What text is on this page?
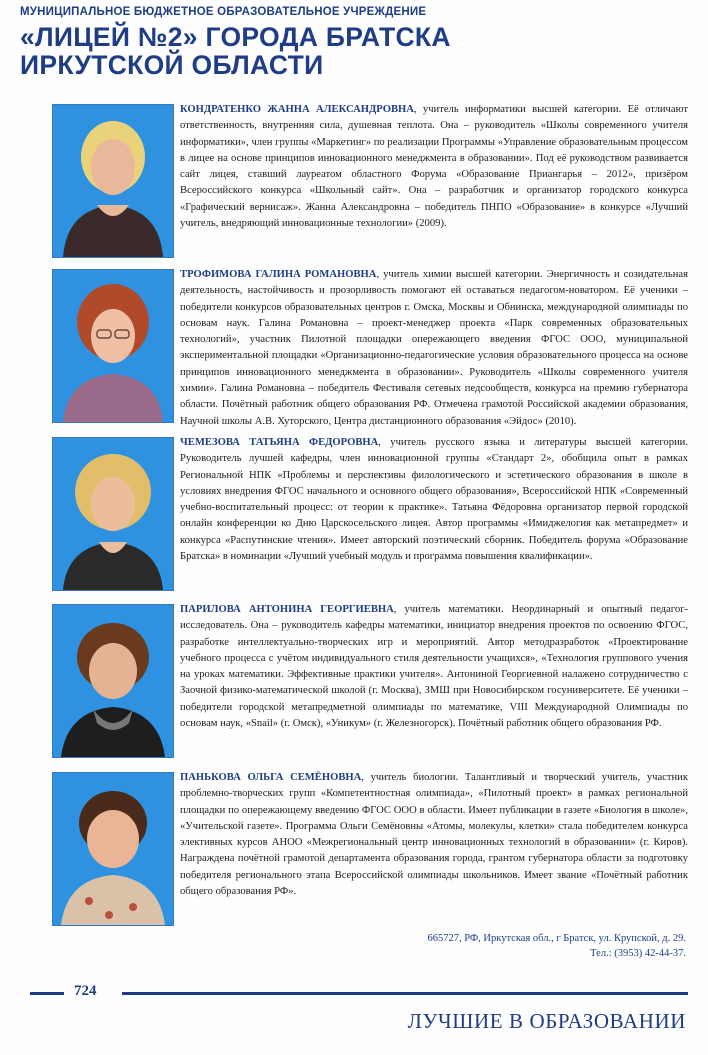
МУНИЦИПАЛЬНОЕ БЮДЖЕТНОЕ ОБРАЗОВАТЕЛЬНОЕ УЧРЕЖДЕНИЕ
«ЛИЦЕЙ №2» ГОРОДА БРАТСКА
ИРКУТСКОЙ ОБЛАСТИ
КОНДРАТЕНКО ЖАННА АЛЕКСАНДРОВНА, учитель информатики высшей категории. Её отличают ответственность, внутренняя сила, душевная теплота. Она – руководитель «Школы современного учителя информатики», член группы «Маркетинг» по реализации Программы «Управление образовательным процессом в лицее на основе принципов инновационного менеджмента в образовании». Под её руководством развивается сайт лицея, ставший лауреатом областного Форума «Образование Приангарья – 2012», призёром Всероссийского конкурса «Школьный сайт». Она – разработчик и организатор городского конкурса «Графический вернисаж». Жанна Александровна – победитель ПНПО «Образование» в конкурсе «Лучший учитель, внедряющий инновационные технологии» (2009).
ТРОФИМОВА ГАЛИНА РОМАНОВНА, учитель химии высшей категории. Энергичность и созидательная деятельность, настойчивость и прозорливость помогают ей оставаться педагогом-новатором. Её ученики – победители конкурсов образовательных центров г. Омска, Москвы и Обнинска, международной олимпиады по основам наук. Галина Романовна – проект-менеджер проекта «Парк современных образовательных технологий», участник Пилотной площадки опережающего введения ФГОС ООО, муниципальной экспериментальной площадки «Организационно-педагогические условия образовательного процесса на основе принципов инновационного менеджмента в образовании». Руководитель «Школы современного учителя химии». Галина Романовна – победитель Фестиваля сетевых педсообществ, конкурса на премию губернатора области. Почётный работник общего образования РФ. Отмечена грамотой Российской академии образования, Научной школы А.В. Хуторского, Центра дистанционного образования «Эйдос» (2010).
ЧЕМЕЗОВА ТАТЬЯНА ФЕДОРОВНА, учитель русского языка и литературы высшей категории. Руководитель лучшей кафедры, член инновационной группы «Стандарт 2», обобщила опыт в рамках Региональной НПК «Проблемы и перспективы филологического и эстетического образования в школе в условиях внедрения ФГОС начального и основного общего образования», Всероссийской НПК «Современный учебно-воспитательный процесс: от теории к практике». Татьяна Фёдоровна организатор первой городской онлайн конференции ко Дню Царскосельского лицея. Автор программы «Имиджелогия как метапредмет» и конкурса «Распутинские чтения». Имеет авторский поэтический сборник. Победитель форума «Образование Братска» в номинации «Лучший учебный модуль и программа повышения квалификации».
ПАРИЛОВА АНТОНИНА ГЕОРГИЕВНА, учитель математики. Неординарный и опытный педагог-исследователь. Она – руководитель кафедры математики, инициатор внедрения проектов по освоению ФГОС, разработке интеллектуально-творческих игр и мероприятий. Автор методразработок «Проектирование учебного процесса с учётом индивидуального стиля деятельности учащихся», «Технология группового учения на уроках математики. Эффективные практики учителя». Антониной Георгиевной налажено сотрудничество с Заочной физико-математической школой (г. Москва), ЗМШ при Новосибирском госуниверситете. Её ученики – победители городской метапредметной олимпиады по математике, VIII Международной Олимпиады по основам наук, «Snail» (г. Омск), «Уникум» (г. Железногорск). Почётный работник общего образования РФ.
ПАНЬКОВА ОЛЬГА СЕМЁНОВНА, учитель биологии. Талантливый и творческий учитель, участник проблемно-творческих групп «Компетентностная олимпиада», «Пилотный проект» в рамках региональной площадки по опережающему введению ФГОС ООО в области. Имеет публикации в газете «Биология в школе», «Учительской газете». Программа Ольги Семёновны «Атомы, молекулы, клетки» стала победителем конкурса элективных курсов АНОО «Межрегиональный центр инновационных технологий в образовании» (г. Киров). Награждена почётной грамотой департамента образования города, грантом губернатора области за подготовку победителя регионального этапа Всероссийской олимпиады школьников. Имеет звание «Почётный работник общего образования РФ».
665727, РФ, Иркутская обл., г Братск, ул. Крупской, д. 29.
Тел.: (3953) 42-44-37.
724
ЛУЧШИЕ В ОБРАЗОВАНИИ
